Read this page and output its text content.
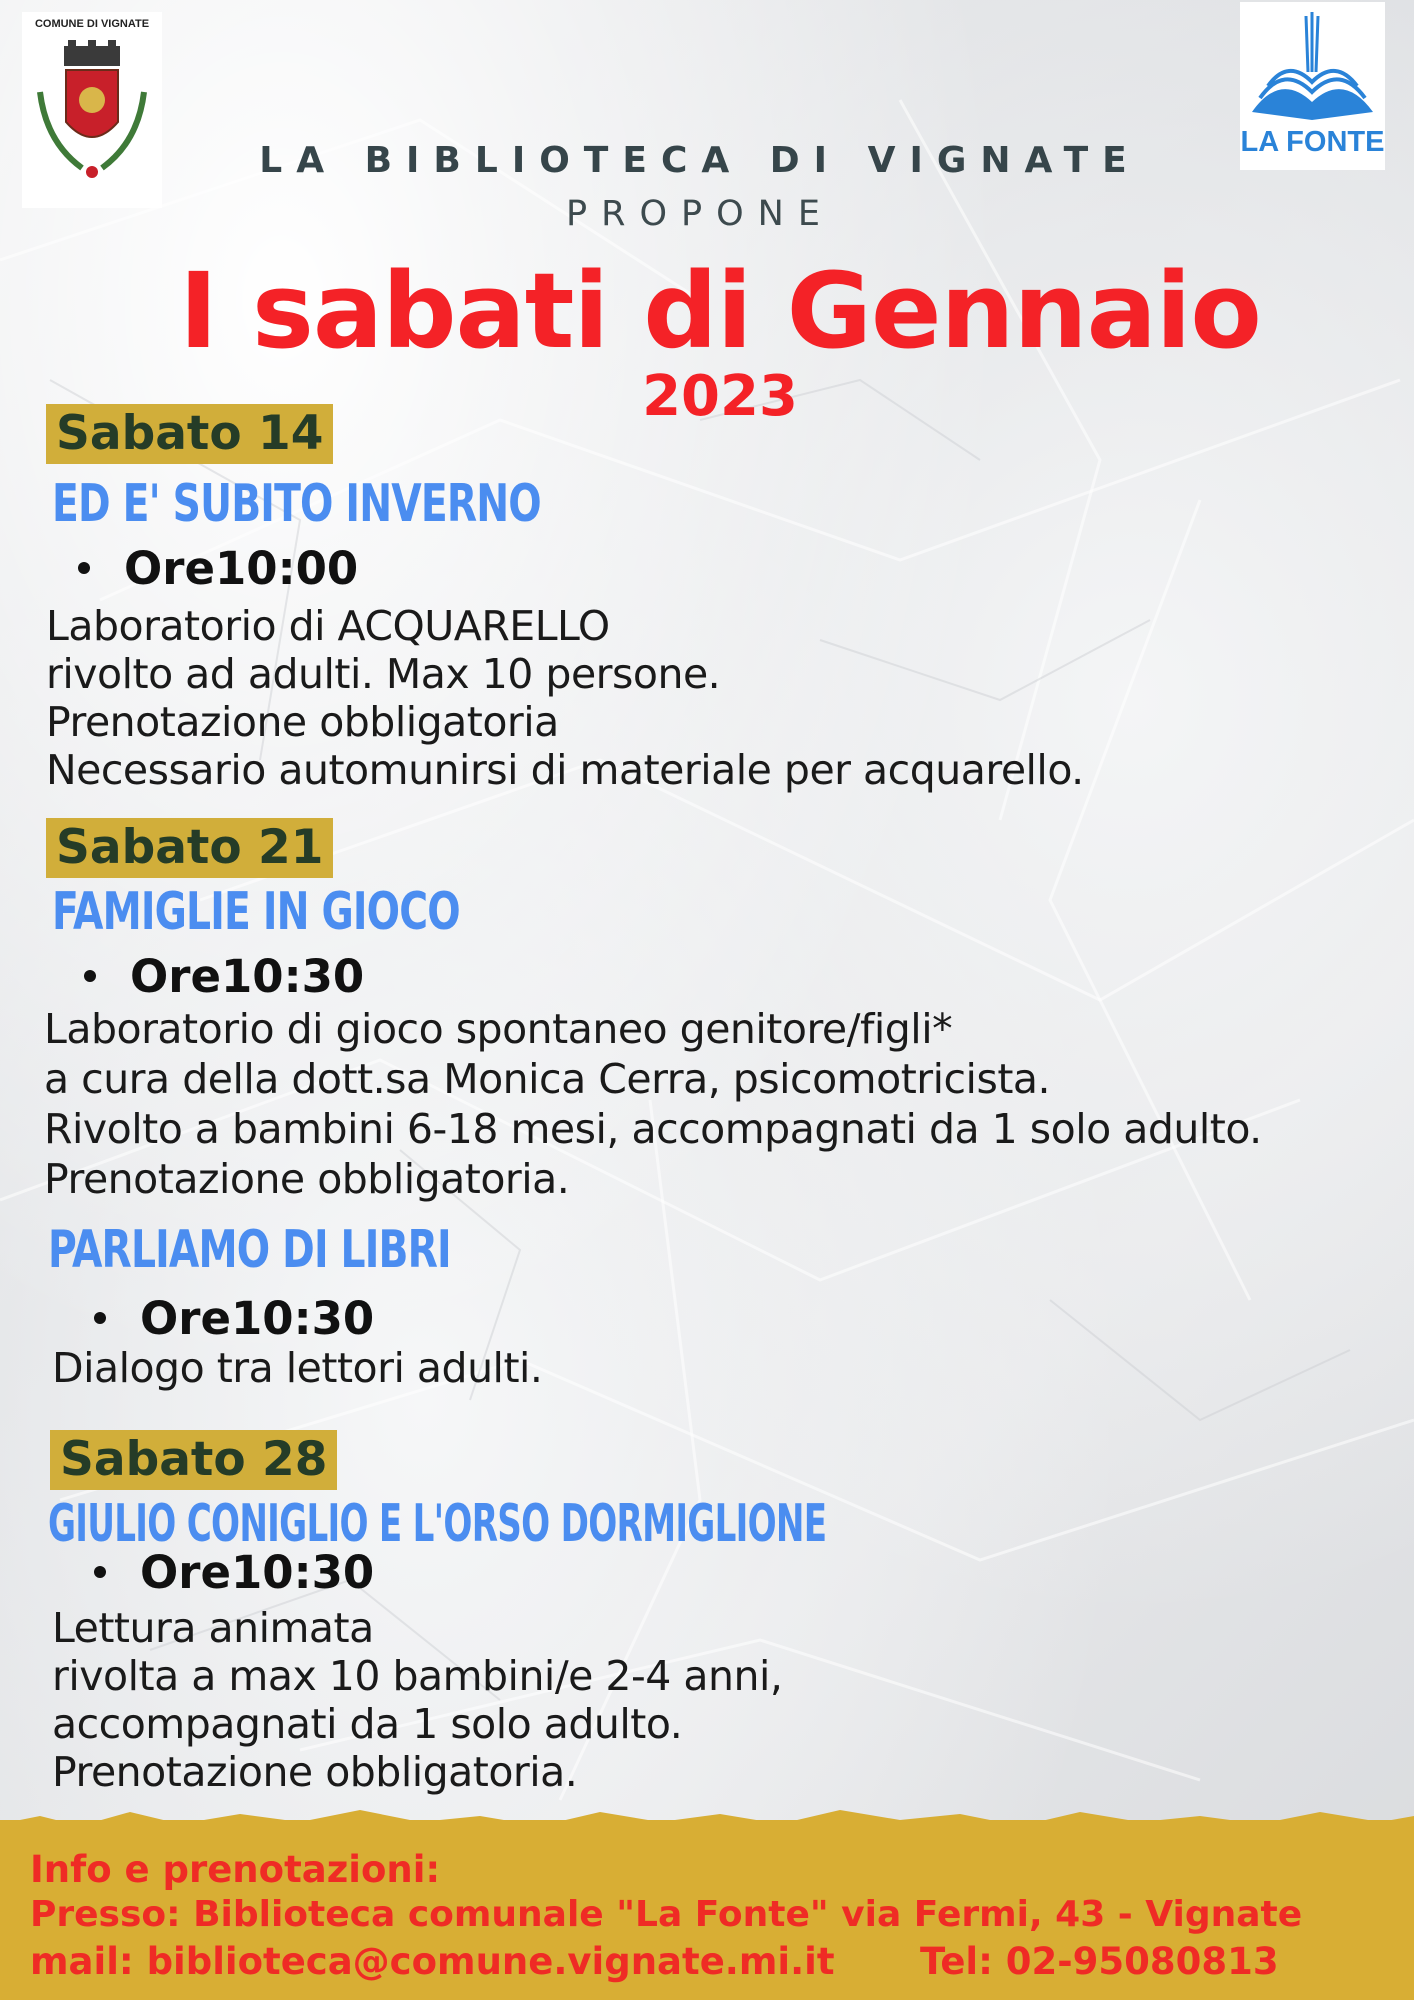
COMUNE DI VIGNATE
LA FONTE
LA BIBLIOTECA DI VIGNATE
PROPONE
I sabati di Gennaio
2023
Sabato 14
ED E' SUBITO INVERNO
Ore10:00
Laboratorio di ACQUARELLO
rivolto ad adulti. Max 10 persone.
Prenotazione obbligatoria
Necessario automunirsi di materiale per acquarello.
Sabato 21
FAMIGLIE IN GIOCO
Ore10:30
Laboratorio di gioco spontaneo genitore/figli*
a cura della dott.sa Monica Cerra, psicomotricista.
Rivolto a bambini 6-18 mesi, accompagnati da 1 solo adulto.
Prenotazione obbligatoria.
PARLIAMO DI LIBRI
Ore10:30
Dialogo tra lettori adulti.
Sabato 28
GIULIO CONIGLIO E L'ORSO DORMIGLIONE
Ore10:30
Lettura animata
rivolta a max 10 bambini/e 2-4 anni,
accompagnati da 1 solo adulto.
Prenotazione obbligatoria.
Info e prenotazioni:
Presso: Biblioteca comunale "La Fonte" via Fermi, 43 - Vignate
mail: biblioteca@comune.vignate.mi.it Tel: 02-95080813
